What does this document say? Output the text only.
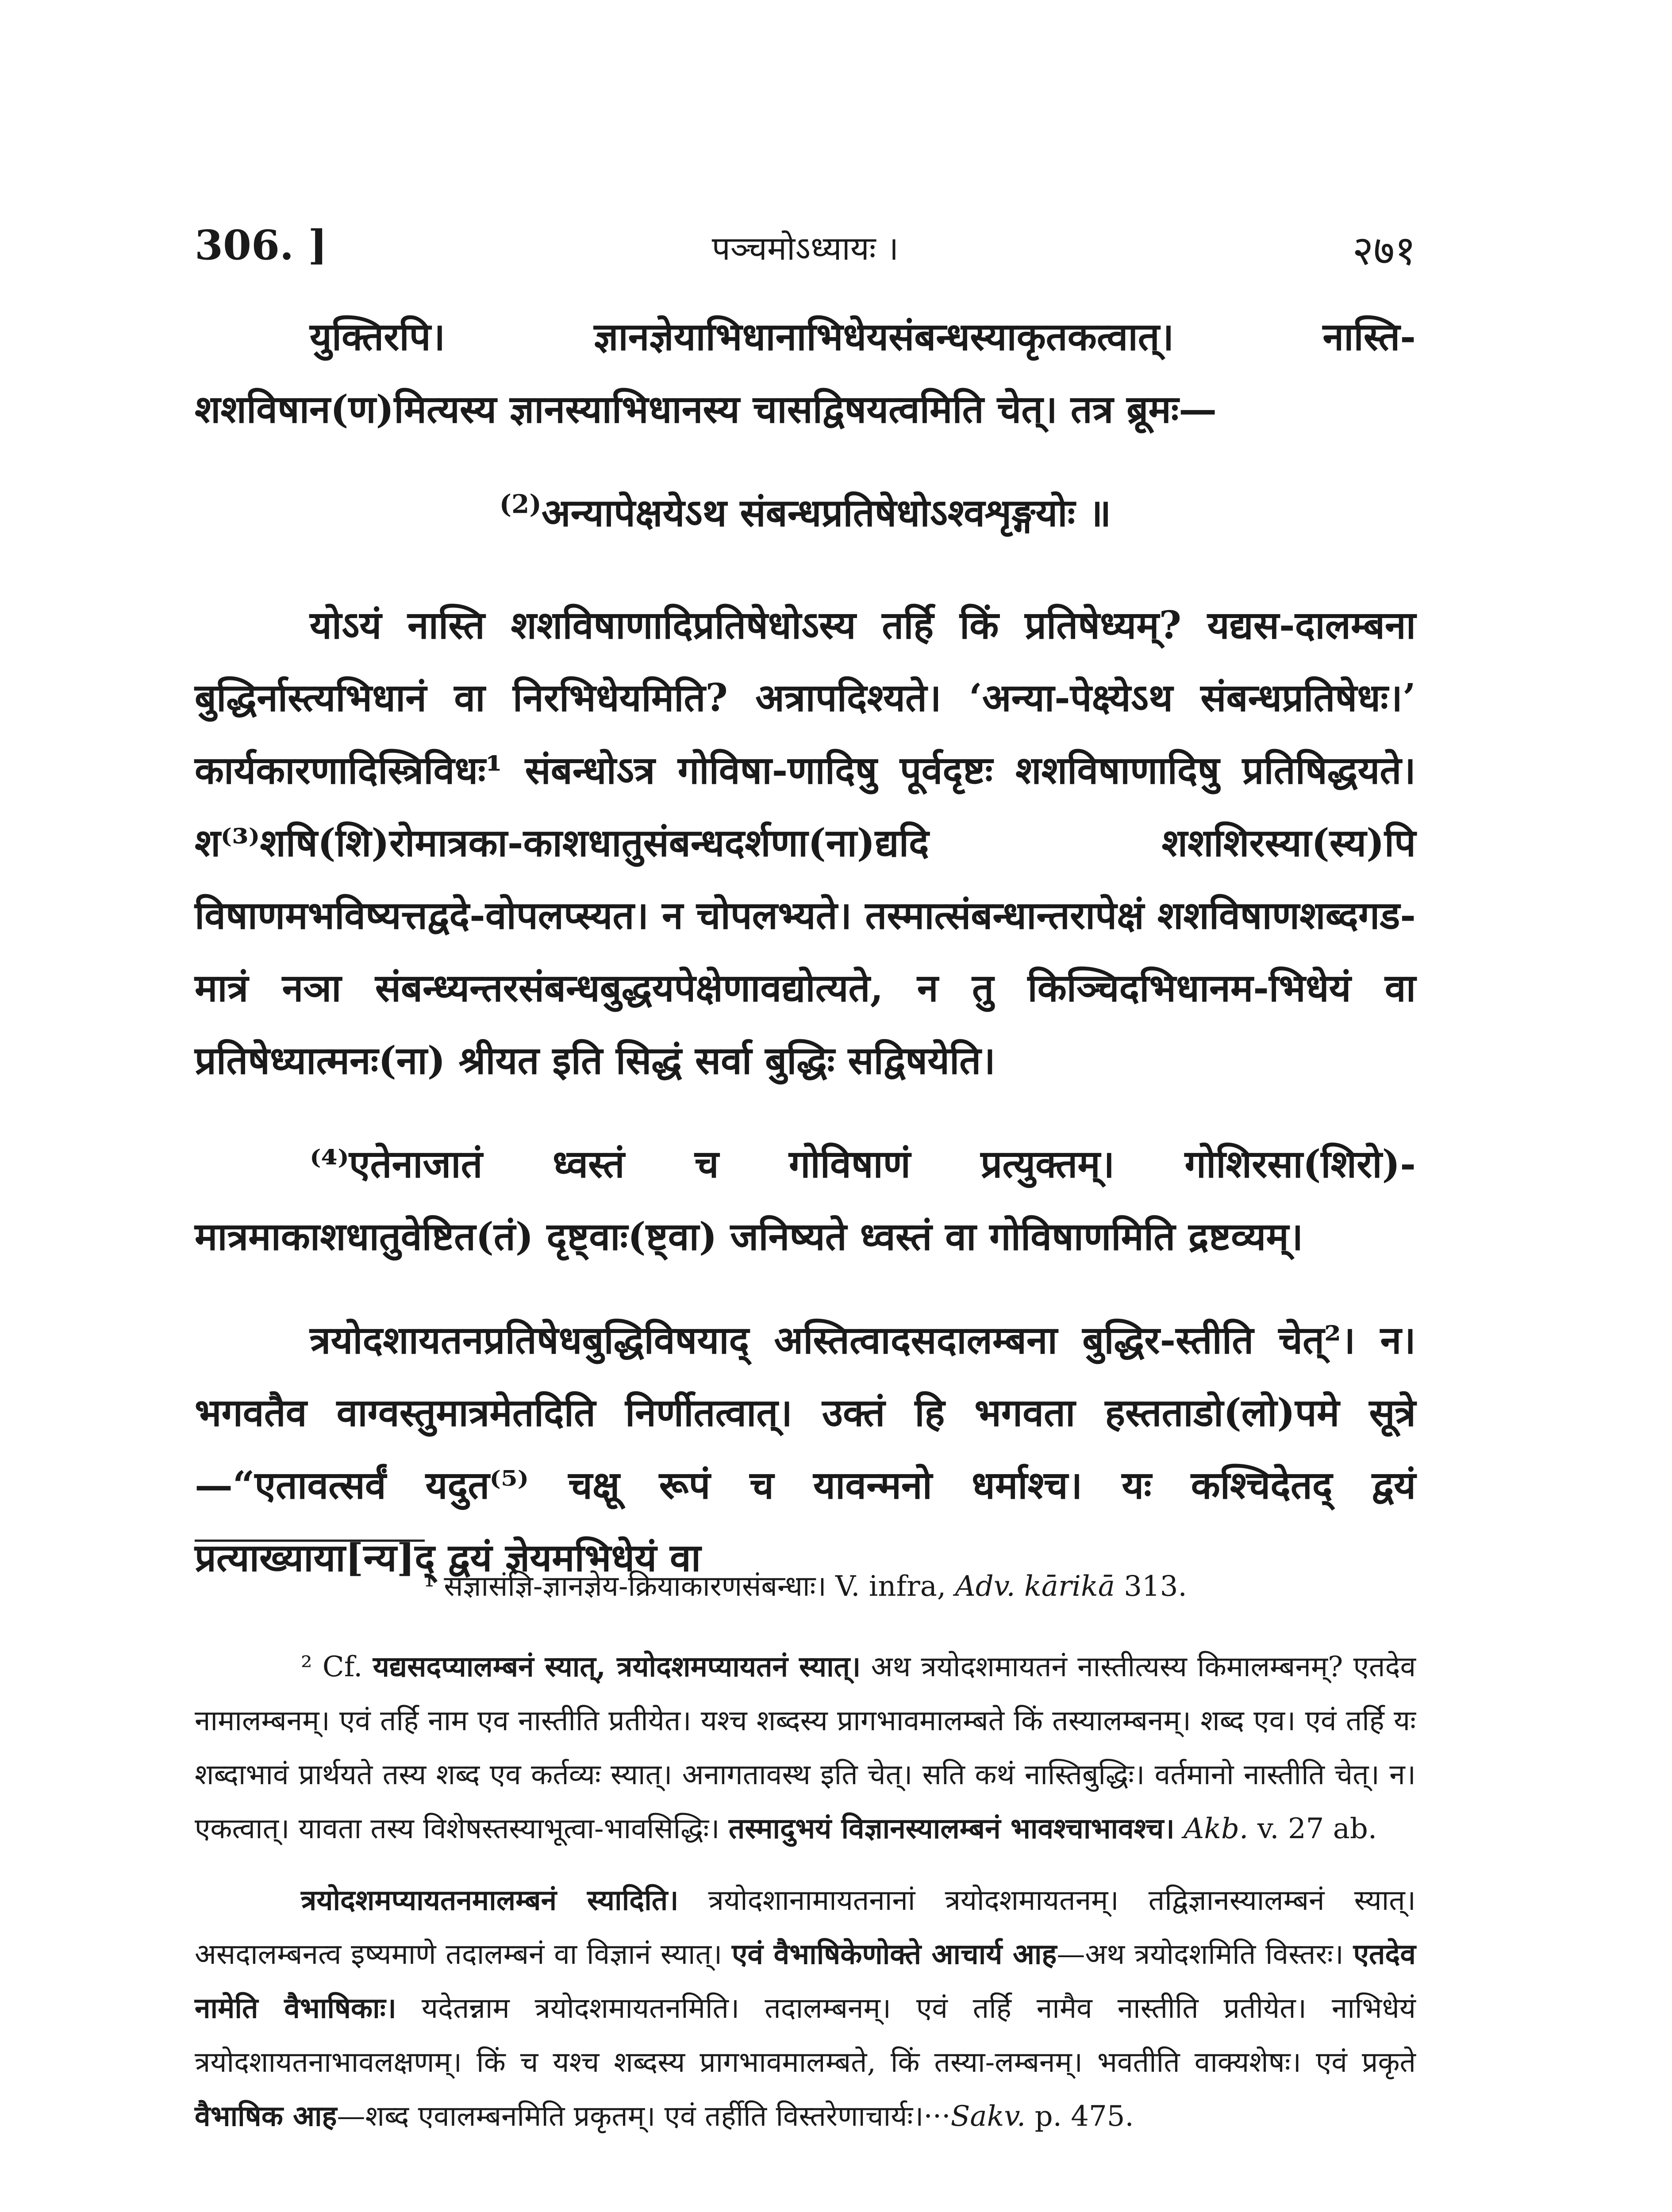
306. ]	पञ्चमोऽध्यायः ।	२७१

युक्तिरपि। ज्ञानज्ञेयाभिधानाभिधेयसंबन्धस्याकृतकत्वात्। नास्ति-शशविषान(ण)मित्यस्य ज्ञानस्याभिधानस्य चासद्विषयत्वमिति चेत्। तत्र ब्रूमः—

$^{(2)}$अन्यापेक्षयेऽथ संबन्धप्रतिषेधोऽश्वशृङ्गयोः ॥

योऽयं नास्ति शशविषाणादिप्रतिषेधोऽस्य तर्हि किं प्रतिषेध्यम्? यद्यस-दालम्बना बुद्धिर्नास्त्यभिधानं वा निरभिधेयमिति? अत्रापदिश्यते। ‘अन्या-पेक्ष्येऽथ संबन्धप्रतिषेधः।’ कार्यकारणादिस्त्रिविधः¹ संबन्धोऽत्र गोविषा-णादिषु पूर्वदृष्टः शशविषाणादिषु प्रतिषिद्धयते। श⁽³⁾शषि(शि)रोमात्रका-काशधातुसंबन्धदर्शणा(ना)द्यदि शशशिरस्या(स्य)पि विषाणमभविष्यत्तद्वदे-वोपलप्स्यत। न चोपलभ्यते। तस्मात्संबन्धान्तरापेक्षं शशविषाणशब्दगड-मात्रं नञा संबन्ध्यन्तरसंबन्धबुद्धयपेक्षेणावद्योत्यते, न तु किञ्चिदभिधानम-भिधेयं वा प्रतिषेध्यात्मनः(ना) श्रीयत इति सिद्धं सर्वा बुद्धिः सद्विषयेति।

⁽⁴⁾एतेनाजातं ध्वस्तं च गोविषाणं प्रत्युक्तम्। गोशिरसा(शिरो)-मात्रमाकाशधातुवेष्टित(तं) दृष्ट्वाः(ष्ट्वा) जनिष्यते ध्वस्तं वा गोविषाणमिति द्रष्टव्यम्।

त्रयोदशायतनप्रतिषेधबुद्धिविषयाद् अस्तित्वादसदालम्बना बुद्धिर-स्तीति चेत्²। न। भगवतैव वाग्वस्तुमात्रमेतदिति निर्णीतत्वात्। उक्तं हि भगवता हस्तताडो(लो)पमे सूत्रे—“एतावत्सर्वं यदुत⁽⁵⁾ चक्षू रूपं च यावन्मनो धर्माश्च। यः कश्चिदेतद् द्वयं प्रत्याख्याया[न्य]द् द्वयं ज्ञेयमभिधेयं वा

¹ संज्ञासंज्ञि-ज्ञानज्ञेय-क्रियाकारणसंबन्धाः। V. infra, Adv. kārikā 313.

² Cf. यद्यसदप्यालम्बनं स्यात्, त्रयोदशमप्यायतनं स्यात्। अथ त्रयोदशमायतनं नास्तीत्यस्य किमालम्बनम्? एतदेव नामालम्बनम्। एवं तर्हि नाम एव नास्तीति प्रतीयेत। यश्च शब्दस्य प्रागभावमालम्बते किं तस्यालम्बनम्। शब्द एव। एवं तर्हि यः शब्दाभावं प्रार्थयते तस्य शब्द एव कर्तव्यः स्यात्। अनागतावस्थ इति चेत्। सति कथं नास्तिबुद्धिः। वर्तमानो नास्तीति चेत्। न। एकत्वात्। यावता तस्य विशेषस्तस्याभूत्वा-भावसिद्धिः। तस्मादुभयं विज्ञानस्यालम्बनं भावश्चाभावश्च। Akb. v. 27 ab.

त्रयोदशमप्यायतनमालम्बनं स्यादिति। त्रयोदशानामायतनानां त्रयोदशमायतनम्। तद्विज्ञानस्यालम्बनं स्यात्। असदालम्बनत्व इष्यमाणे तदालम्बनं वा विज्ञानं स्यात्। एवं वैभाषिकेणोक्ते आचार्य आह—अथ त्रयोदशमिति विस्तरः। एतदेव नामेति वैभाषिकाः। यदेतन्नाम त्रयोदशमायतनमिति। तदालम्बनम्। एवं तर्हि नामैव नास्तीति प्रतीयेत। नाभिधेयं त्रयोदशायतनाभावलक्षणम्। किं च यश्च शब्दस्य प्रागभावमालम्बते, किं तस्या-लम्बनम्। भवतीति वाक्यशेषः। एवं प्रकृते वैभाषिक आह—शब्द एवालम्बनमिति प्रकृतम्। एवं तर्हीति विस्तरेणाचार्यः।···Sakv. p. 475.
